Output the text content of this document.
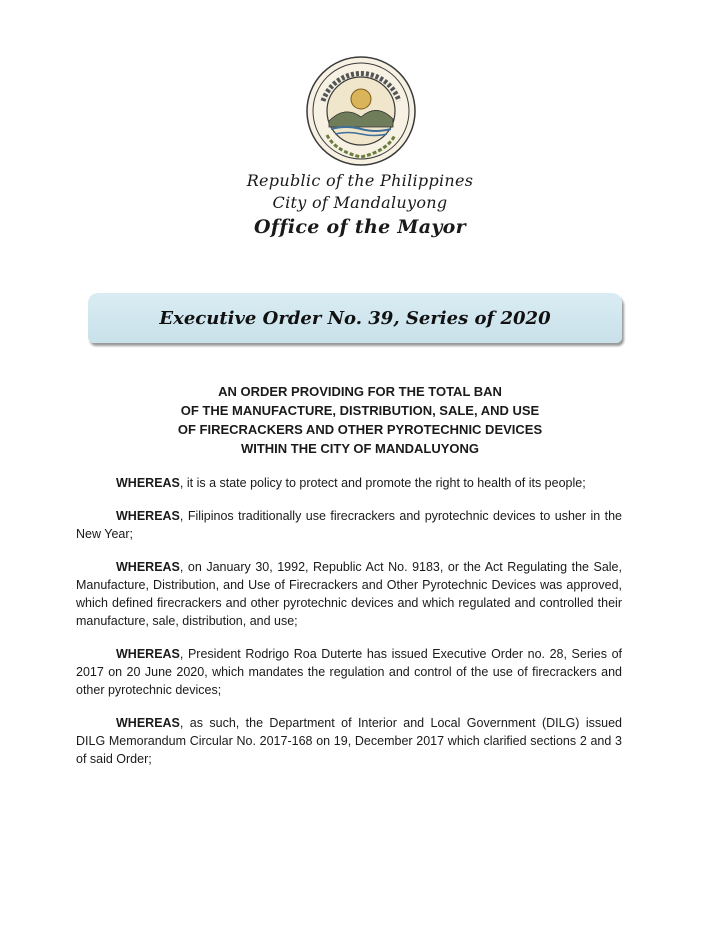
Republic of the Philippines
City of Mandaluyong
Office of the Mayor
Executive Order No. 39, Series of 2020
AN ORDER PROVIDING FOR THE TOTAL BAN
OF THE MANUFACTURE, DISTRIBUTION, SALE, AND USE
OF FIRECRACKERS AND OTHER PYROTECHNIC DEVICES
WITHIN THE CITY OF MANDALUYONG

WHEREAS, it is a state policy to protect and promote the right to health of its people;

WHEREAS, Filipinos traditionally use firecrackers and pyrotechnic devices to usher in the New Year;

WHEREAS, on January 30, 1992, Republic Act No. 9183, or the Act Regulating the Sale, Manufacture, Distribution, and Use of Firecrackers and Other Pyrotechnic Devices was approved, which defined firecrackers and other pyrotechnic devices and which regulated and controlled their manufacture, sale, distribution, and use;

WHEREAS, President Rodrigo Roa Duterte has issued Executive Order no. 28, Series of 2017 on 20 June 2020, which mandates the regulation and control of the use of firecrackers and other pyrotechnic devices;

WHEREAS, as such, the Department of Interior and Local Government (DILG) issued DILG Memorandum Circular No. 2017-168 on 19, December 2017 which clarified sections 2 and 3 of said Order;
